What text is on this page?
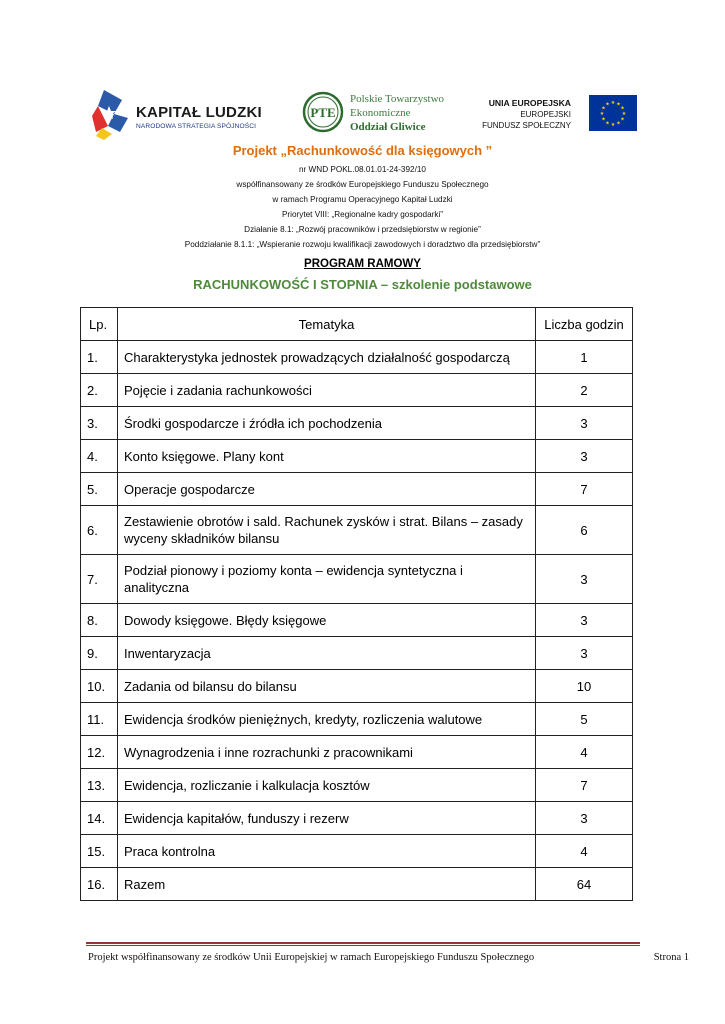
KAPITAŁ LUDZKI
NARODOWA STRATEGIA SPÓJNOŚCI
PTE
Polskie Towarzystwo
Ekonomiczne
Oddział Gliwice
UNIA EUROPEJSKA
EUROPEJSKI
FUNDUSZ SPOŁECZNY
★ ★
★
★
★
★
★
★
★
★
★
★
Projekt „Rachunkowość dla księgowych ”
nr WND POKL.08.01.01-24-392/10
współfinansowany ze środków Europejskiego Funduszu Społecznego
w ramach Programu Operacyjnego Kapitał Ludzki
Priorytet VIII: „Regionalne kadry gospodarki”
Działanie 8.1: „Rozwój pracowników i przedsiębiorstw w regionie”
Poddziałanie 8.1.1: „Wspieranie rozwoju kwalifikacji zawodowych i doradztwo dla przedsiębiorstw”
PROGRAM RAMOWY
RACHUNKOWOŚĆ I STOPNIA – szkolenie podstawowe
Lp.	Tematyka	Liczba godzin
1.	Charakterystyka jednostek prowadzących działalność gospodarczą	1
2.	Pojęcie i zadania rachunkowości	2
3.	Środki gospodarcze i źródła ich pochodzenia	3
4.	Konto księgowe. Plany kont	3
5.	Operacje gospodarcze	7
6.	Zestawienie obrotów i sald. Rachunek zysków i strat. Bilans – zasady wyceny składników bilansu	6
7.	Podział pionowy i poziomy konta – ewidencja syntetyczna i analityczna	3
8.	Dowody księgowe. Błędy księgowe	3
9.	Inwentaryzacja	3
10.	Zadania od bilansu do bilansu	10
11.	Ewidencja środków pieniężnych, kredyty, rozliczenia walutowe	5
12.	Wynagrodzenia i inne rozrachunki z pracownikami	4
13.	Ewidencja, rozliczanie i kalkulacja kosztów	7
14.	Ewidencja kapitałów, funduszy i rezerw	3
15.	Praca kontrolna	4
16.	Razem	64
Projekt współfinansowany ze środków Unii Europejskiej w ramach Europejskiego Funduszu Społecznego	Strona 1
